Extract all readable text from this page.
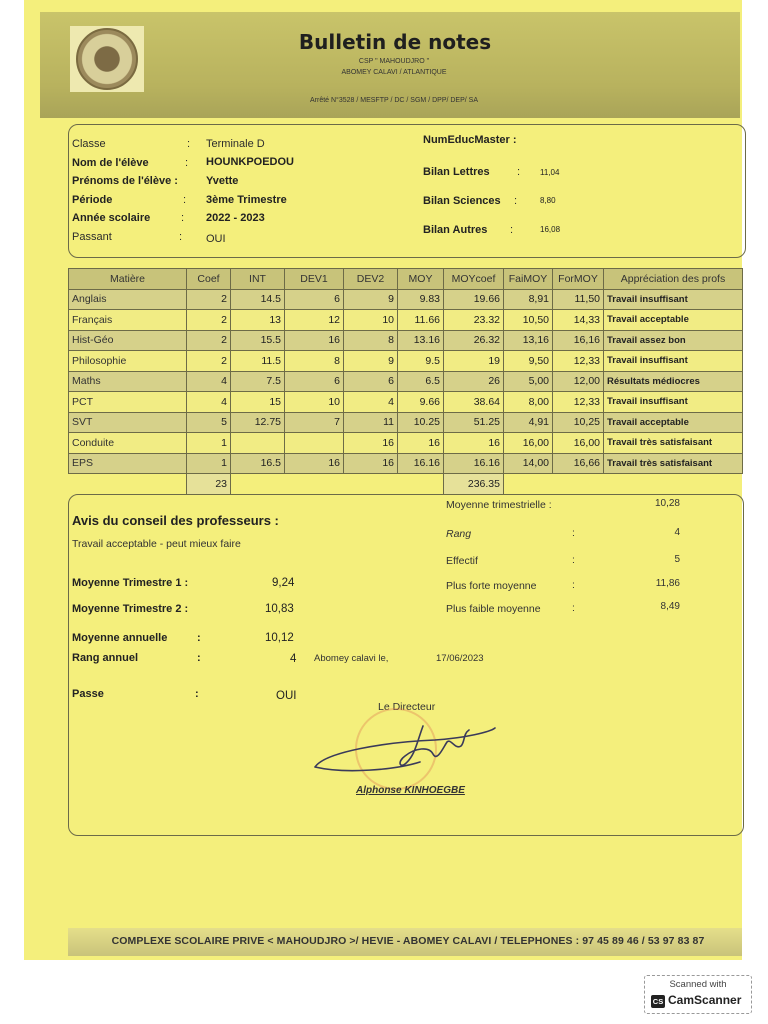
Bulletin de notes
CSP " MAHOUDJRO "
ABOMEY CALAVI / ATLANTIQUE
Arrêté N°3528 / MESFTP / DC / SGM / DPP/ DEP/ SA
Classe	: Terminale D
Nom de l'élève	: HOUNKPOEDOU
Prénoms de l'élève :	Yvette
Période	: 3ème Trimestre
Année scolaire	: 2022 - 2023
Passant	: OUI
NumEducMaster :
Bilan Lettres : 11,04
Bilan Sciences :	8,80
Bilan Autres :	16,08
Matière	Coef	INT	DEV1	DEV2	MOY	MOYcoef	FaiMOY	ForMOY	Appréciation des profs
Anglais	2	14.5	6	9	9.83	19.66	8,91	11,50	Travail insuffisant
Français	2	13	12	10	11.66	23.32	10,50	14,33	Travail acceptable
Hist-Géo	2	15.5	16	8	13.16	26.32	13,16	16,16	Travail assez bon
Philosophie	2	11.5	8	9	9.5	19	9,50	12,33	Travail insuffisant
Maths	4	7.5	6	6	6.5	26	5,00	12,00	Résultats médiocres
PCT	4	15	10	4	9.66	38.64	8,00	12,33	Travail insuffisant
SVT	5	12.75	7	11	10.25	51.25	4,91	10,25	Travail acceptable
Conduite	1			16	16	16	16,00	16,00	Travail très satisfaisant
EPS	1	16.5	16	16	16.16	16.16	14,00	16,66	Travail très satisfaisant
	23					236.35			
Avis du conseil des professeurs :
Travail acceptable - peut mieux faire
Moyenne Trimestre 1 :	9,24
Moyenne Trimestre 2 :	10,83
Moyenne annuelle	:	10,12
Rang annuel	:	4 Abomey calavi le,	17/06/2023
Passe	:	OUI
Moyenne trimestrielle :	10,28
Rang	:	4
Effectif	:	5
Plus forte moyenne	:	11,86
Plus faible moyenne	:	8,49
Le Directeur
Alphonse KINHOEGBE
COMPLEXE SCOLAIRE PRIVE < MAHOUDJRO >/ HEVIE - ABOMEY CALAVI / TELEPHONES : 97 45 89 46 / 53 97 83 87
Scanned with
CS CamScanner
